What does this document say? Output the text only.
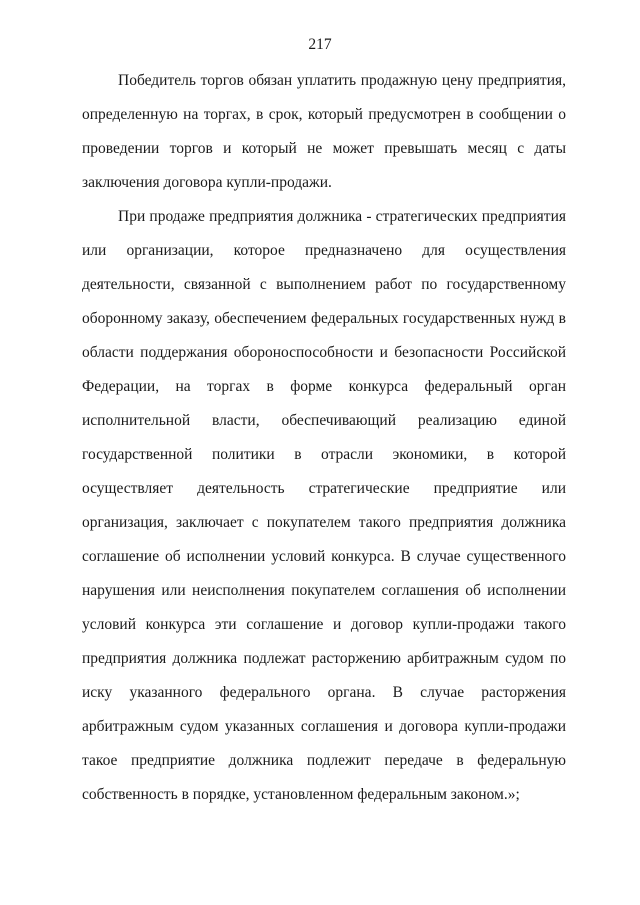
217

Победитель торгов обязан уплатить продажную цену предприятия, определенную на торгах, в срок, который предусмотрен в сообщении о проведении торгов и который не может превышать месяц с даты заключения договора купли-продажи.

При продаже предприятия должника - стратегических предприятия или организации, которое предназначено для осуществления деятельности, связанной с выполнением работ по государственному оборонному заказу, обеспечением федеральных государственных нужд в области поддержания обороноспособности и безопасности Российской Федерации, на торгах в форме конкурса федеральный орган исполнительной власти, обеспечивающий реализацию единой государственной политики в отрасли экономики, в которой осуществляет деятельность стратегические предприятие или организация, заключает с покупателем такого предприятия должника соглашение об исполнении условий конкурса. В случае существенного нарушения или неисполнения покупателем соглашения об исполнении условий конкурса эти соглашение и договор купли-продажи такого предприятия должника подлежат расторжению арбитражным судом по иску указанного федерального органа. В случае расторжения арбитражным судом указанных соглашения и договора купли-продажи такое предприятие должника подлежит передаче в федеральную собственность в порядке, установленном федеральным законом.»;
